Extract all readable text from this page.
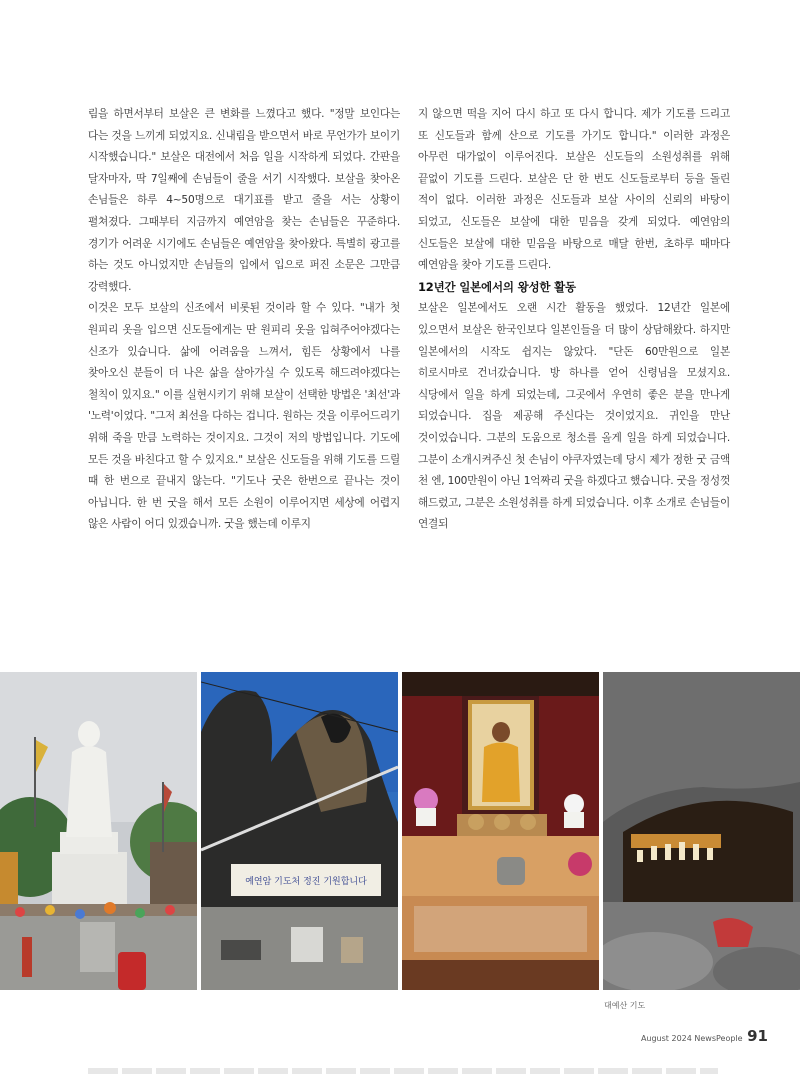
림을 하면서부터 보살은 큰 변화를 느꼈다고 했다. "정말 보인다는 다는 것을 느끼게 되었지요. 신내림을 받으면서 바로 무언가가 보이기 시작했습니다." 보살은 대전에서 처음 일을 시작하게 되었다. 간판을 달자마자, 딱 7일째에 손님들이 줄을 서기 시작했다. 보살을 찾아온 손님들은 하루 4~50명으로 대기표를 받고 줄을 서는 상황이 펼쳐졌다. 그때부터 지금까지 예연암을 찾는 손님들은 꾸준하다. 경기가 어려운 시기에도 손님들은 예연암을 찾아왔다. 특별히 광고를 하는 것도 아니었지만 손님들의 입에서 입으로 퍼진 소문은 그만큼 강력했다.

이것은 모두 보살의 신조에서 비롯된 것이라 할 수 있다. "내가 첫 원피리 옷을 입으면 신도들에게는 딴 원피리 옷을 입혀주어야겠다는 신조가 있습니다. 삶에 어려움을 느껴서, 힘든 상황에서 나를 찾아오신 분들이 더 나은 삶을 살아가실 수 있도록 해드려야겠다는 철칙이 있지요." 이를 실현시키기 위해 보살이 선택한 방법은 '최선'과 '노력'이었다. "그저 최선을 다하는 겁니다. 원하는 것을 이루어드리기 위해 죽을 만큼 노력하는 것이지요. 그것이 저의 방법입니다. 기도에 모든 것을 바친다고 할 수 있지요." 보살은 신도들을 위해 기도를 드릴 때 한 번으로 끝내지 않는다. "기도나 굿은 한번으로 끝나는 것이 아닙니다. 한 번 굿을 해서 모든 소원이 이루어지면 세상에 어렵지 않은 사람이 어디 있겠습니까. 굿을 했는데 이루지

지 않으면 떡을 지어 다시 하고 또 다시 합니다. 제가 기도를 드리고 또 신도들과 함께 산으로 기도를 가기도 합니다." 이러한 과정은 아무런 대가없이 이루어진다. 보살은 신도들의 소원성취를 위해 끝없이 기도를 드린다. 보살은 단 한 번도 신도들로부터 등을 돌린 적이 없다. 이러한 과정은 신도들과 보살 사이의 신뢰의 바탕이 되었고, 신도들은 보살에 대한 믿음을 갖게 되었다. 예연암의 신도들은 보살에 대한 믿음을 바탕으로 매달 한번, 초하루 때마다 예연암을 찾아 기도를 드린다.

12년간 일본에서의 왕성한 활동

보살은 일본에서도 오랜 시간 활동을 했었다. 12년간 일본에 있으면서 보살은 한국인보다 일본인들을 더 많이 상담해왔다. 하지만 일본에서의 시작도 쉽지는 않았다. "단돈 60만원으로 일본 히로시마로 건너갔습니다. 방 하나를 얻어 신령님을 모셨지요. 식당에서 일을 하게 되었는데, 그곳에서 우연히 좋은 분을 만나게 되었습니다. 집을 제공해 주신다는 것이었지요. 귀인을 만난 것이었습니다. 그분의 도움으로 청소를 올게 일을 하게 되었습니다. 그분이 소개시켜주신 첫 손님이 야쿠자였는데 당시 제가 정한 굿 금액 천 엔, 100만원이 아닌 1억짜리 굿을 하겠다고 했습니다. 굿을 정성껏 해드렸고, 그분은 소원성취를 하게 되었습니다. 이후 소개로 손님들이 연결되

예연암 기도처 정진 기원합니다
대예산 기도
August 2024 NewsPeople 91
